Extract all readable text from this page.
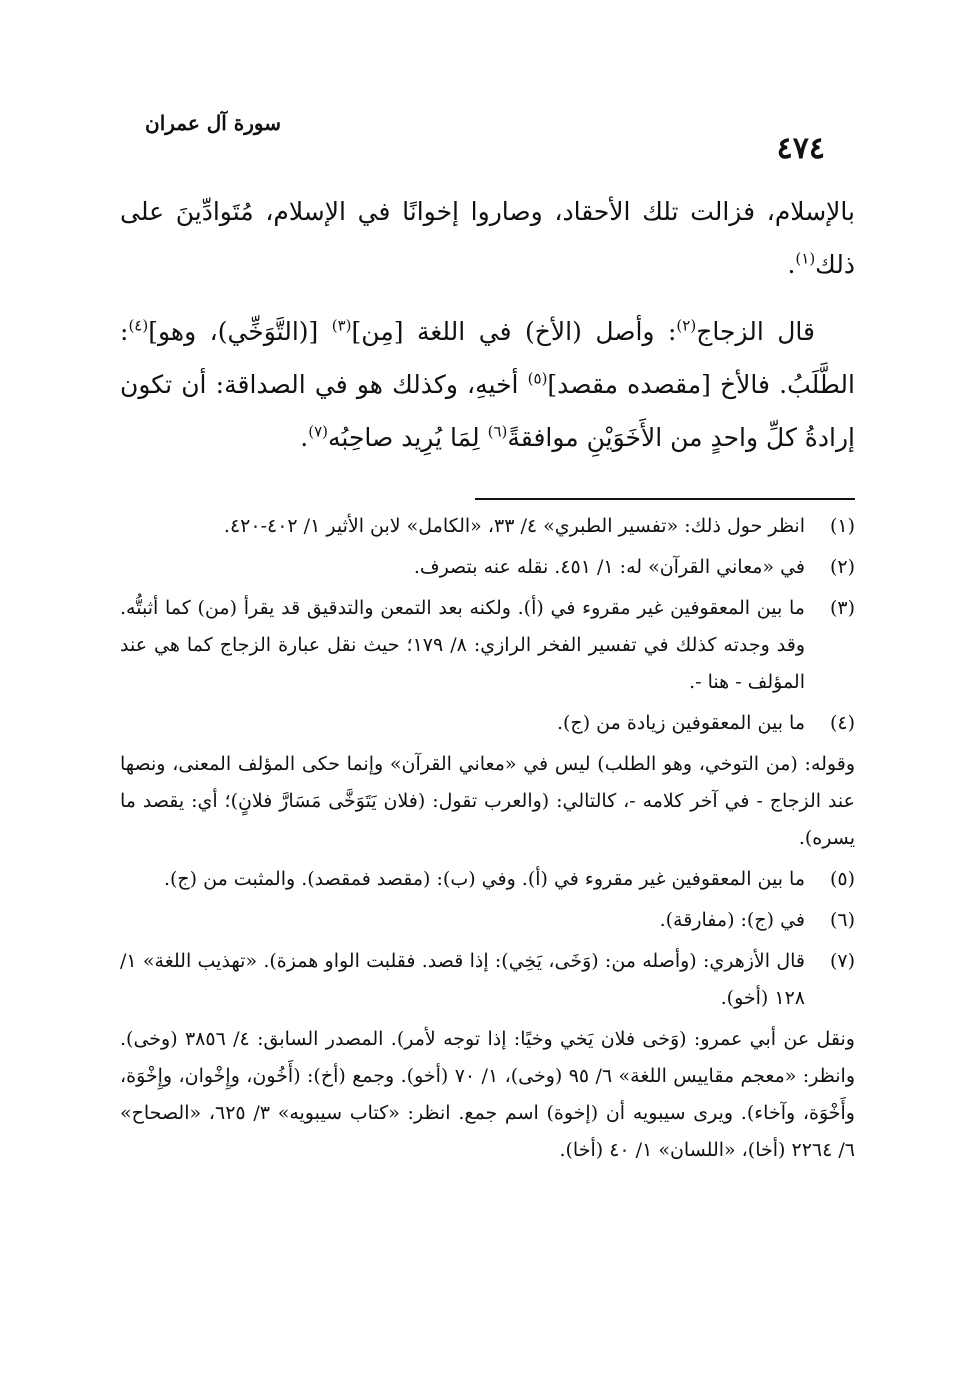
سورة آل عمران
٤٧٤

بالإسلام، فزالت تلك الأحقاد، وصاروا إخوانًا في الإسلام، مُتَوادِّينَ على ذلك$^{(١)}$.

قال الزجاج$^{(٢)}$: وأصل (الأخ) في اللغة [مِن]$^{(٣)}$ [(التَّوَخِّي)، وهو]$^{(٤)}$: الطَّلَبُ. فالأخ [مقصده مقصد]$^{(٥)}$ أخيهِ، وكذلك هو في الصداقة: أن تكون إرادةُ كلِّ واحدٍ من الأَخَوَيْنِ موافقةً$^{(٦)}$ لِمَا يُرِيد صاحِبُه$^{(٧)}$.

(١)
انظر حول ذلك: «تفسير الطبري» ٤/ ٣٣، «الكامل» لابن الأثير ١/ ٤٠٢-٤٢٠.
(٢)
في «معاني القرآن» له: ١/ ٤٥١. نقله عنه بتصرف.
(٣)
ما بين المعقوفين غير مقروء في (أ). ولكنه بعد التمعن والتدقيق قد يقرأ (من) كما أثبتُّه. وقد وجدته كذلك في تفسير الفخر الرازي: ٨/ ١٧٩؛ حيث نقل عبارة الزجاج كما هي عند المؤلف - هنا -.
(٤)
ما بين المعقوفين زيادة من (ج).

وقوله: (من التوخي، وهو الطلب) ليس في «معاني القرآن» وإنما حكى المؤلف المعنى، ونصها عند الزجاج - في آخر كلامه -، كالتالي: (والعرب تقول: (فلان يَتَوَخَّى مَسَارَّ فلانٍ)؛ أي: يقصد ما يسره).

(٥)
ما بين المعقوفين غير مقروء في (أ). وفي (ب): (مقصد فمقصد). والمثبت من (ج).
(٦)
في (ج): (مفارقة).
(٧)
قال الأزهري: (وأصله من: (وَخَى، يَخِي): إذا قصد. فقلبت الواو همزة). «تهذيب اللغة» ١/ ١٢٨ (أخو).

ونقل عن أبي عمرو: (وَخى فلان يَخي وخيًا: إذا توجه لأمر). المصدر السابق: ٤/ ٣٨٥٦ (وخى). وانظر: «معجم مقاييس اللغة» ٦/ ٩٥ (وخى)، ١/ ٧٠ (أخو). وجمع (أخ): (أَخُون، وإِخْوان، وإِخْوَة، وأَخْوَة، وآخاء). ويرى سيبويه أن (إخوة) اسم جمع. انظر: «كتاب سيبويه» ٣/ ٦٢٥، «الصحاح» ٦/ ٢٢٦٤ (أخا)، «اللسان» ١/ ٤٠ (أخا).
